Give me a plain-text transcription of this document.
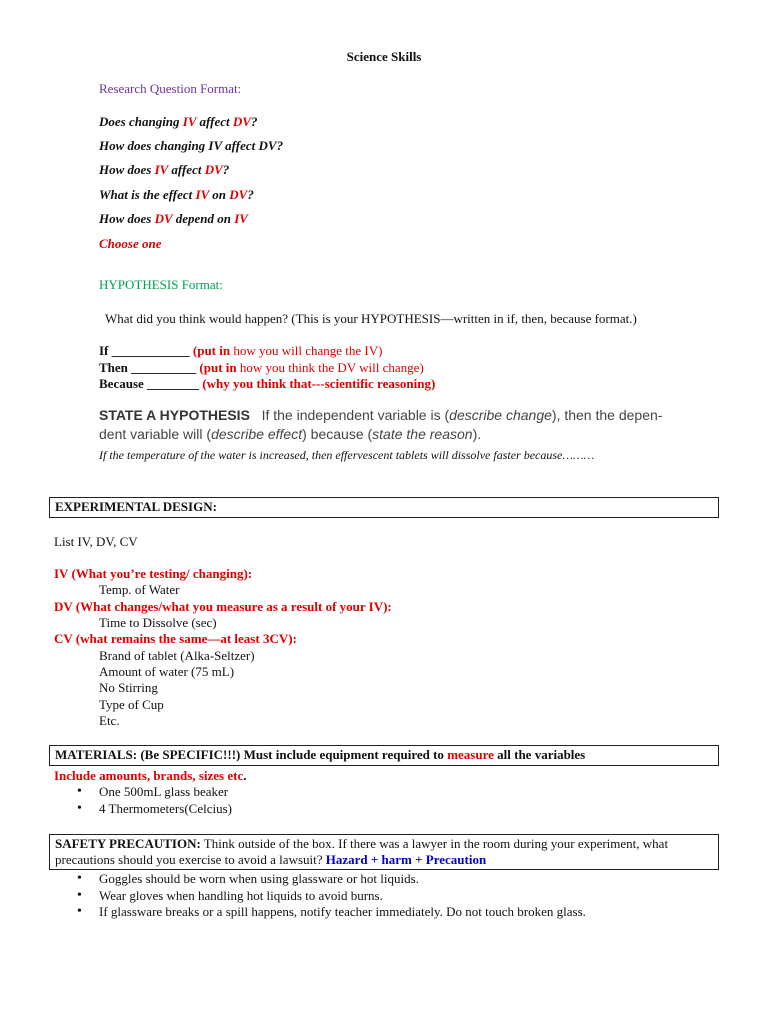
Science Skills
Research Question Format:
Does changing IV affect DV?
How does changing IV affect DV?
How does IV affect DV?
What is the effect IV on DV?
How does DV depend on IV
Choose one
HYPOTHESIS Format:
What did you think would happen? (This is your HYPOTHESIS—written in if, then, because format.)
If ____________ (put in how you will change the IV)
Then __________ (put in how you think the DV will change)
Because ________ (why you think that---scientific reasoning)
STATE A HYPOTHESIS If the independent variable is (describe change), then the depen-
dent variable will (describe effect) because (state the reason).
If the temperature of the water is increased, then effervescent tablets will dissolve faster because………
EXPERIMENTAL DESIGN:
List IV, DV, CV
IV (What you’re testing/ changing):
Temp. of Water
DV (What changes/what you measure as a result of your IV):
Time to Dissolve (sec)
CV (what remains the same—at least 3CV):
Brand of tablet (Alka-Seltzer)
Amount of water (75 mL)
No Stirring
Type of Cup
Etc.
MATERIALS: (Be SPECIFIC!!!) Must include equipment required to measure all the variables
Include amounts, brands, sizes etc.
• One 500mL glass beaker
• 4 Thermometers(Celcius)
SAFETY PRECAUTION: Think outside of the box. If there was a lawyer in the room during your experiment, what precautions should you exercise to avoid a lawsuit? Hazard + harm + Precaution
• Goggles should be worn when using glassware or hot liquids.
• Wear gloves when handling hot liquids to avoid burns.
• If glassware breaks or a spill happens, notify teacher immediately. Do not touch broken glass.
